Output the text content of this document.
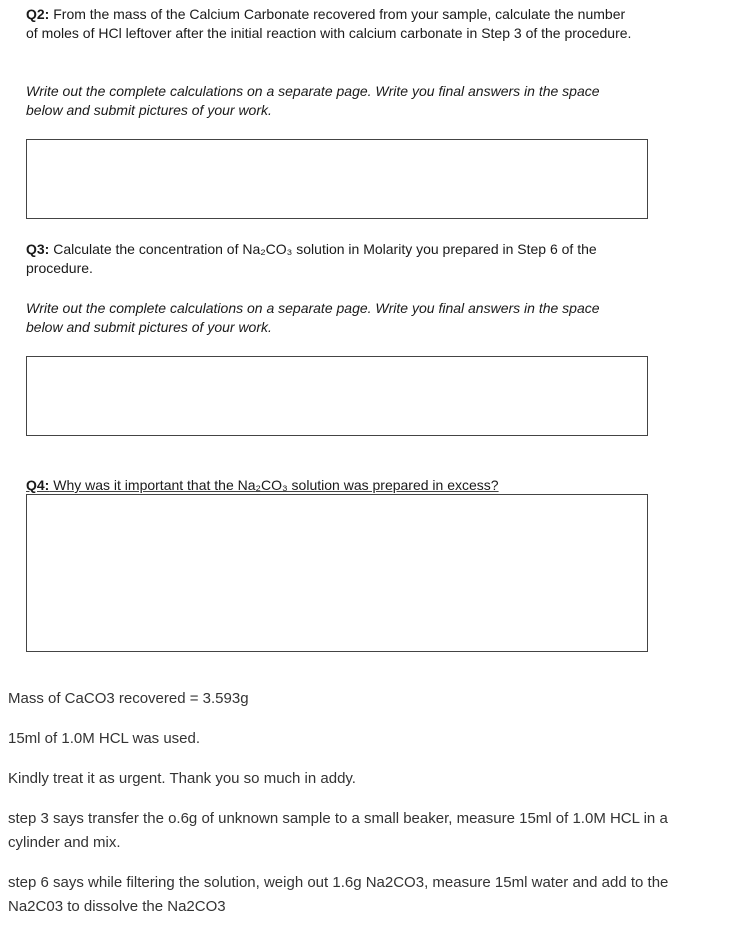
Q2: From the mass of the Calcium Carbonate recovered from your sample, calculate the number of moles of HCl leftover after the initial reaction with calcium carbonate in Step 3 of the procedure.
Write out the complete calculations on a separate page. Write you final answers in the space below and submit pictures of your work.
Q3: Calculate the concentration of Na₂CO₃ solution in Molarity you prepared in Step 6 of the procedure.
Write out the complete calculations on a separate page. Write you final answers in the space below and submit pictures of your work.
Q4: Why was it important that the Na₂CO₃ solution was prepared in excess?
Mass of CaCO3 recovered = 3.593g
15ml of 1.0M HCL was used.
Kindly treat it as urgent. Thank you so much in addy.
step 3 says transfer the o.6g of unknown sample to a small beaker, measure 15ml of 1.0M HCL in a cylinder and mix.
step 6 says while filtering the solution, weigh out 1.6g Na2CO3, measure 15ml water and add to the Na2C03 to dissolve the Na2CO3
